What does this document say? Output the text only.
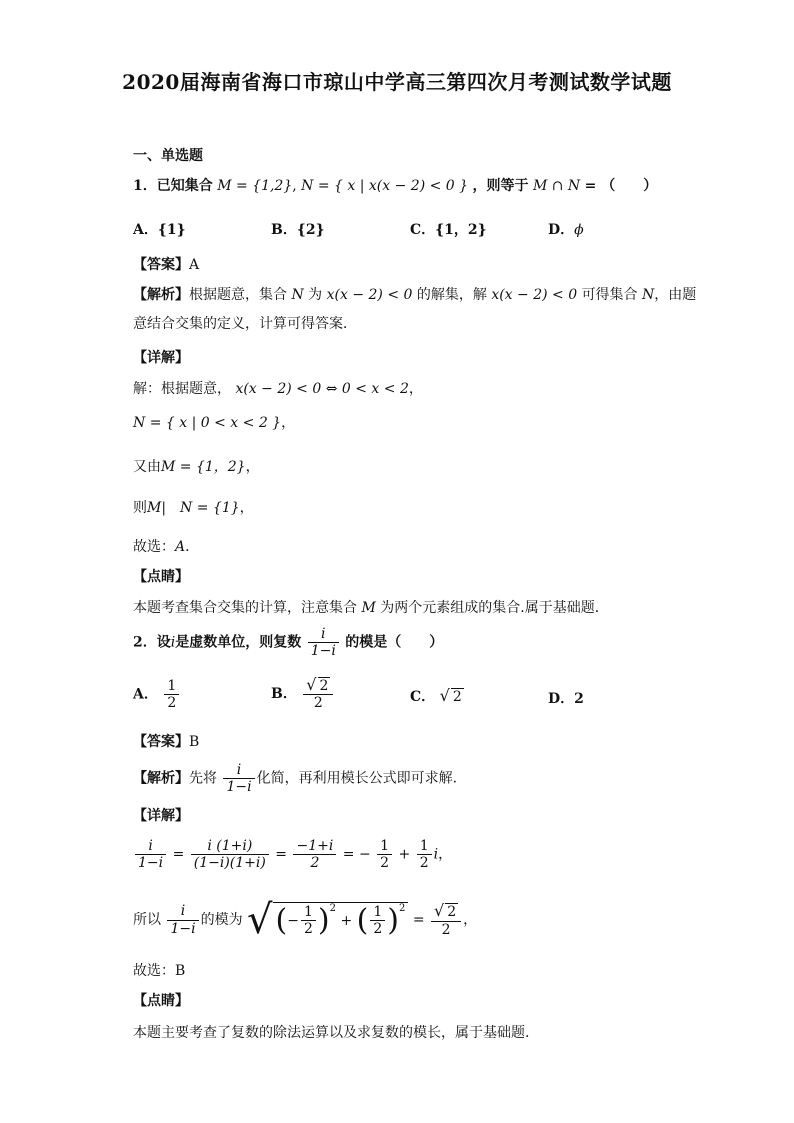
2020届海南省海口市琼山中学高三第四次月考测试数学试题
一、单选题
1．已知集合 M = {1,2}, N = { x | x(x − 2) < 0 } ，则等于 M ∩ N = （　　）
A．{1}	B．{2}	C．{1，2}	D．ϕ
【答案】A
【解析】根据题意，集合 N 为 x(x − 2) < 0 的解集，解 x(x − 2) < 0 可得集合 N，由题
意结合交集的定义，计算可得答案．
【详解】
解：根据题意， x(x − 2) < 0 ⇔ 0 < x < 2，
N = { x | 0 < x < 2 }，
又由M = {1，2}，
则M|　N = {1}，
故选：A．
【点睛】
本题考查集合交集的计算，注意集合 M 为两个元素组成的集合.属于基础题．
2．设i是虚数单位，则复数 $\frac{i}{1-i}$ 的模是（　　）
A． $\frac{1}{2}$	B． $\frac{√ 2}{2}$	C． √ 2	D．2
【答案】B
【解析】先将 $\frac{i}{1-i}$ 化简，再利用模长公式即可求解.
【详解】
$\frac{i}{1-i} = \frac{i (1+i)}{(1-i)(1+i)} = \frac{-1+i}{2}$ = − $\frac{1}{2} + \frac{1}{2}$ i，
所以 $\frac{i}{1-i}$ 的模为 √ (− $\frac{1}{2} )^2$ + ( $\frac{1}{2} )^2 = \frac{√ 2}{2}$ ，
故选：B
【点睛】
本题主要考查了复数的除法运算以及求复数的模长，属于基础题.
